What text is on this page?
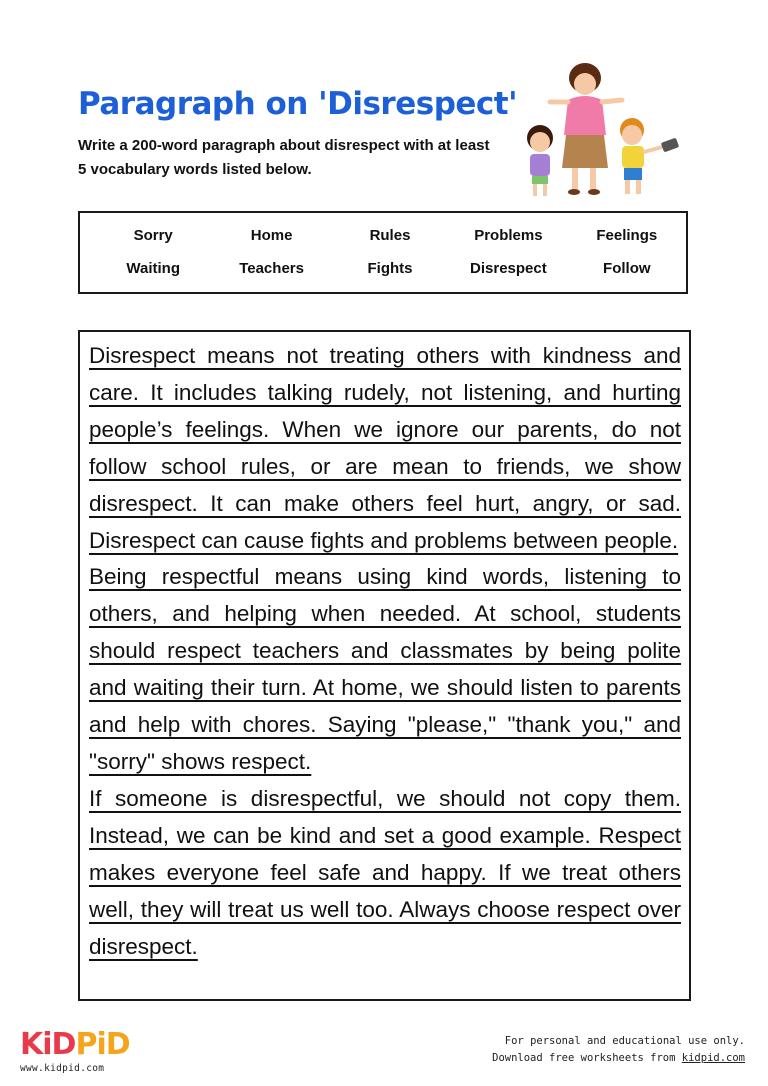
Paragraph on 'Disrespect'
Write a 200-word paragraph about disrespect with at least 5 vocabulary words listed below.
Sorry	Home	Rules	Problems	Feelings
Waiting	Teachers	Fights	Disrespect	Follow

Disrespect means not treating others with kindness and care. It includes talking rudely, not listening, and hurting people’s feelings. When we ignore our parents, do not follow school rules, or are mean to friends, we show disrespect. It can make others feel hurt, angry, or sad. Disrespect can cause fights and problems between people.

Being respectful means using kind words, listening to others, and helping when needed. At school, students should respect teachers and classmates by being polite and waiting their turn. At home, we should listen to parents and help with chores. Saying "please," "thank you," and "sorry" shows respect.

If someone is disrespectful, we should not copy them. Instead, we can be kind and set a good example. Respect makes everyone feel safe and happy. If we treat others well, they will treat us well too. Always choose respect over disrespect.

KiDPiD
www.kidpid.com
For personal and educational use only.
Download free worksheets from kidpid.com
